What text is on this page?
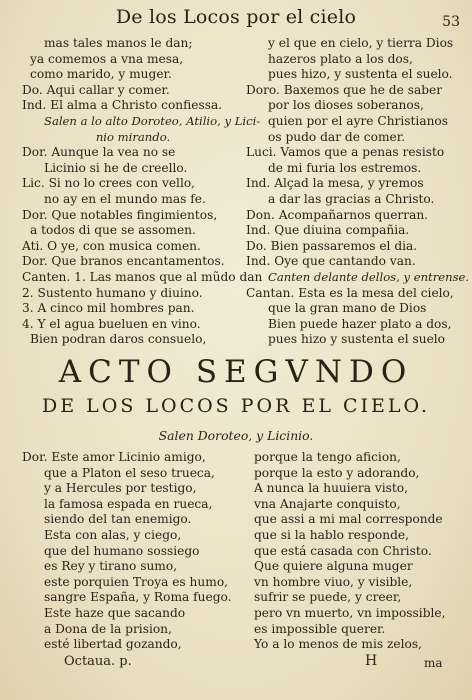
De los Locos por el cielo	53
mas tales manos le dan;
ya comemos a vna mesa,
como marido, y muger.
Do. Aqui callar y comer.
Ind. El alma a Christo confiessa.
Salen a lo alto Doroteo, Atilio, y Lici-
nio mirando.
Dor. Aunque la vea no se
Licinio si he de creello.
Lic. Si no lo crees con vello,
no ay en el mundo mas fe.
Dor. Que notables fingimientos,
a todos di que se assomen.
Ati. O ye, con musica comen.
Dor. Que branos encantamentos.
Canten. 1. Las manos que al mũdo dan
2. Sustento humano y diuino.
3. A cinco mil hombres pan.
4. Y el agua bueluen en vino.
Bien podran daros consuelo,
y el que en cielo, y tierra Dios
hazeros plato a los dos,
pues hizo, y sustenta el suelo.
Doro. Baxemos que he de saber
por los dioses soberanos,
quien por el ayre Christianos
os pudo dar de comer.
Luci. Vamos que a penas resisto
de mi furia los estremos.
Ind. Alçad la mesa, y yremos
a dar las gracias a Christo.
Don. Acompañarnos querran.
Ind. Que diuina compañia.
Do. Bien passaremos el dia.
Ind. Oye que cantando van.
Canten delante dellos, y entrense.
Cantan. Esta es la mesa del cielo,
que la gran mano de Dios
Bien puede hazer plato a dos,
pues hizo y sustenta el suelo
ACTO SEGVNDO
DE LOS LOCOS POR EL CIELO.
Salen Doroteo, y Licinio.
Dor. Este amor Licinio amigo,
que a Platon el seso trueca,
y a Hercules por testigo,
la famosa espada en rueca,
siendo del tan enemigo.
Esta con alas, y ciego,
que del humano sossiego
es Rey y tirano sumo,
este porquien Troya es humo,
sangre España, y Roma fuego.
Este haze que sacando
a Dona de la prision,
esté libertad gozando,
porque la tengo aficion,
porque la esto y adorando,
A nunca la huuiera visto,
vna Anajarte conquisto,
que assi a mi mal corresponde
que si la hablo responde,
que está casada con Christo.
Que quiere alguna muger
vn hombre viuo, y visible,
sufrir se puede, y creer,
pero vn muerto, vn impossible,
es impossible querer.
Yo a lo menos de mis zelos,
Octaua. p.	H	ma
